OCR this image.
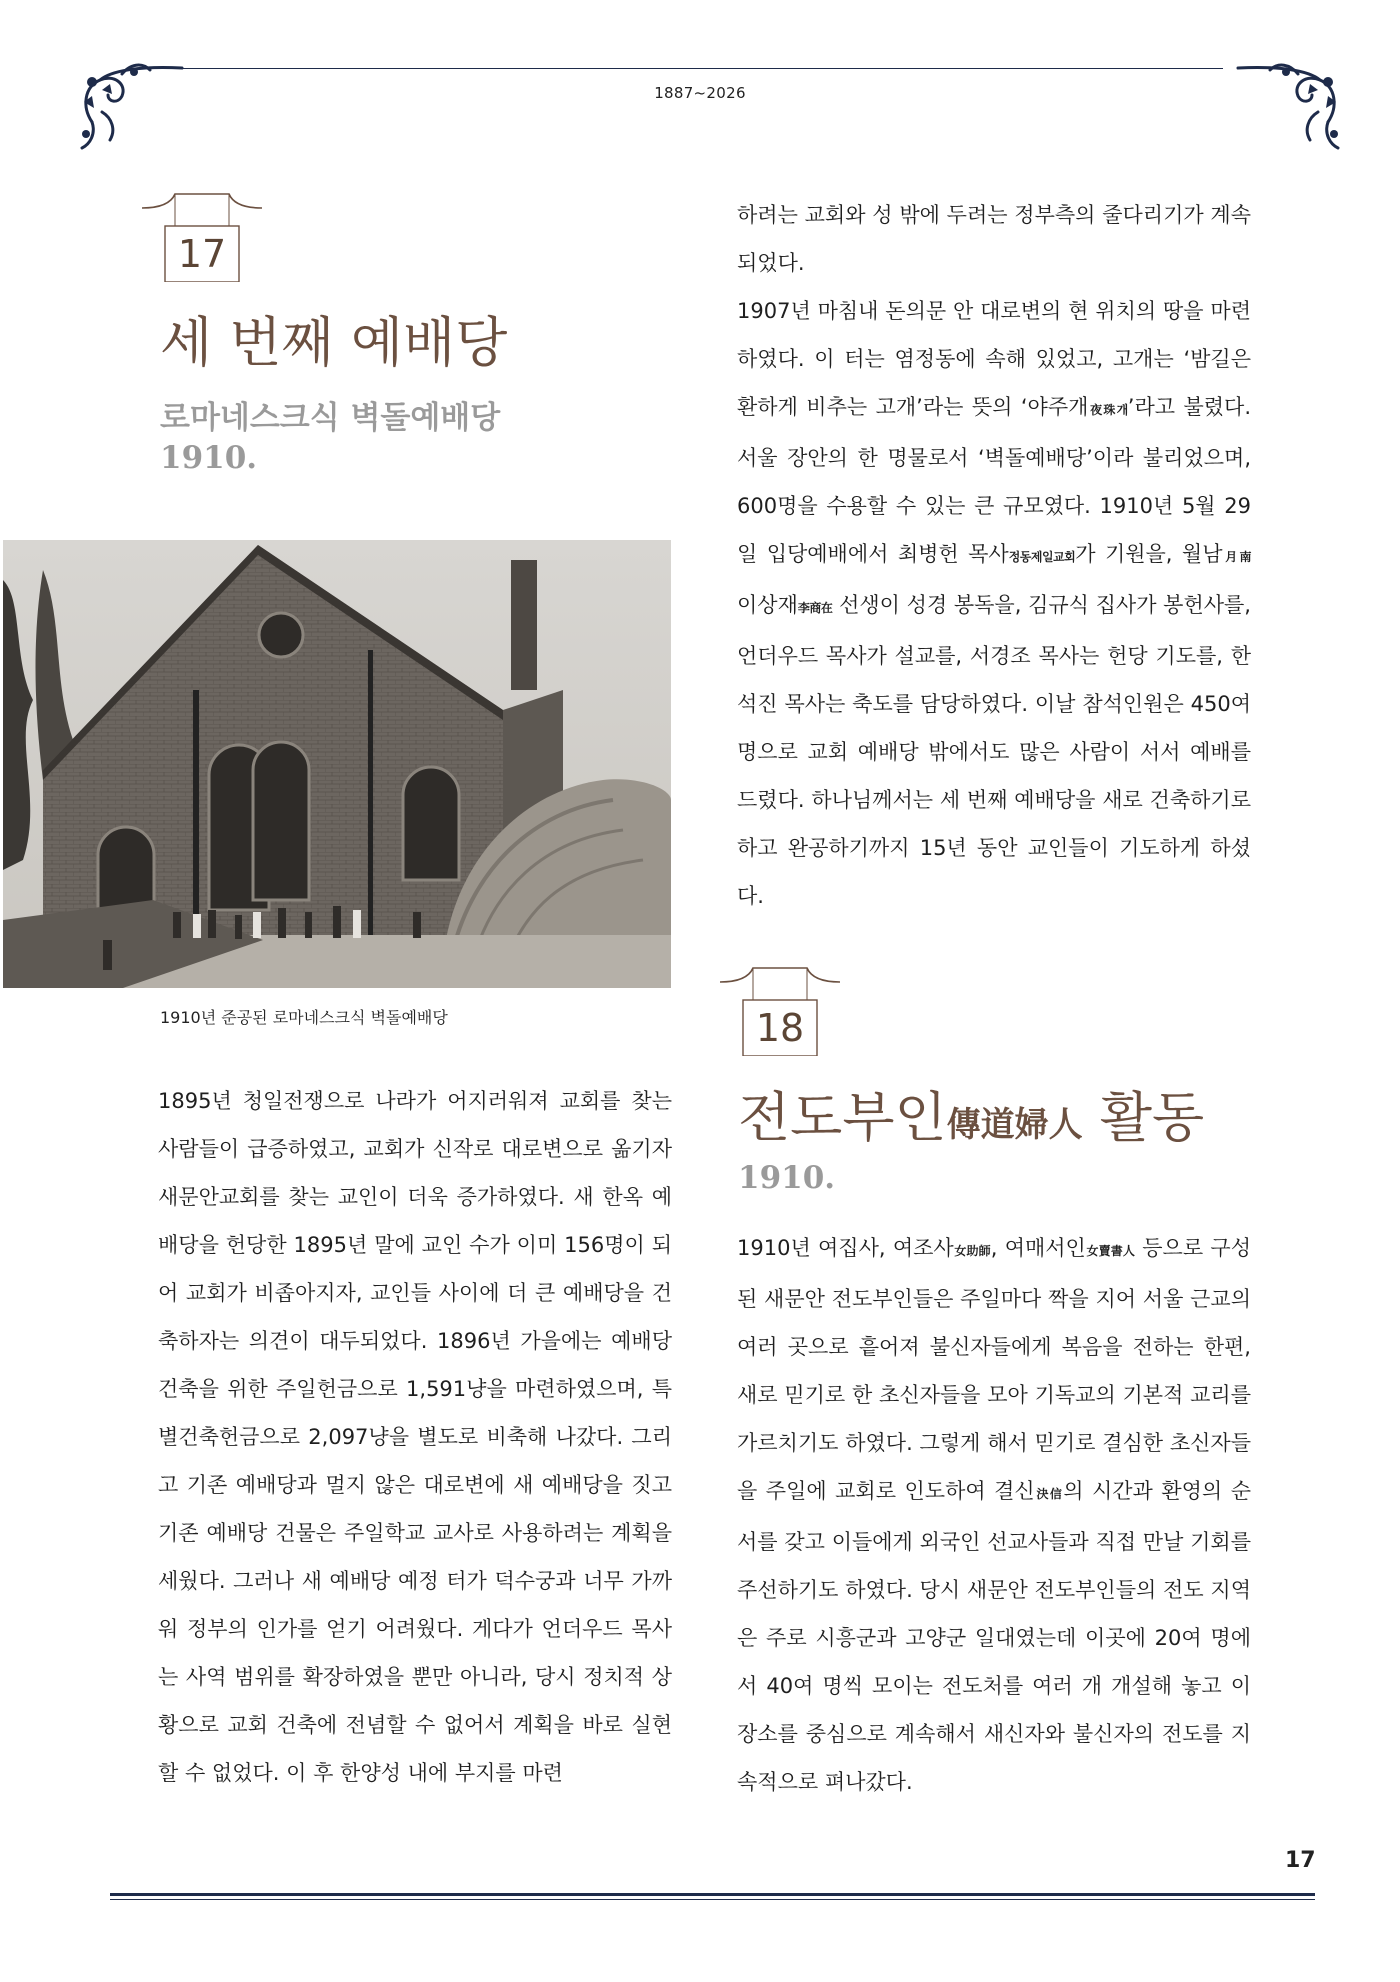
1887~2026
17
세 번째 예배당
로마네스크식 벽돌예배당
1910.
1910년 준공된 로마네스크식 벽돌예배당

1895년 청일전쟁으로 나라가 어지러워져 교회를 찾는 사람들이 급증하였고, 교회가 신작로 대로변으로 옮기자 새문안교회를 찾는 교인이 더욱 증가하였다. 새 한옥 예배당을 헌당한 1895년 말에 교인 수가 이미 156명이 되어 교회가 비좁아지자, 교인들 사이에 더 큰 예배당을 건축하자는 의견이 대두되었다. 1896년 가을에는 예배당 건축을 위한 주일헌금으로 1,591냥을 마련하였으며, 특별건축헌금으로 2,097냥을 별도로 비축해 나갔다. 그리고 기존 예배당과 멀지 않은 대로변에 새 예배당을 짓고 기존 예배당 건물은 주일학교 교사로 사용하려는 계획을 세웠다. 그러나 새 예배당 예정 터가 덕수궁과 너무 가까워 정부의 인가를 얻기 어려웠다. 게다가 언더우드 목사는 사역 범위를 확장하였을 뿐만 아니라, 당시 정치적 상황으로 교회 건축에 전념할 수 없어서 계획을 바로 실현할 수 없었다. 이 후 한양성 내에 부지를 마련

하려는 교회와 성 밖에 두려는 정부측의 줄다리기가 계속되었다.

1907년 마침내 돈의문 안 대로변의 현 위치의 땅을 마련하였다. 이 터는 염정동에 속해 있었고, 고개는 ‘밤길은 환하게 비추는 고개’라는 뜻의 ‘야주개夜珠개’라고 불렸다. 서울 장안의 한 명물로서 ‘벽돌예배당’이라 불리었으며, 600명을 수용할 수 있는 큰 규모였다. 1910년 5월 29일 입당예배에서 최병헌 목사정동제일교회가 기원을, 월남月南 이상재李商在 선생이 성경 봉독을, 김규식 집사가 봉헌사를, 언더우드 목사가 설교를, 서경조 목사는 헌당 기도를, 한석진 목사는 축도를 담당하였다. 이날 참석인원은 450여 명으로 교회 예배당 밖에서도 많은 사람이 서서 예배를 드렸다. 하나님께서는 세 번째 예배당을 새로 건축하기로 하고 완공하기까지 15년 동안 교인들이 기도하게 하셨다.

18
전도부인傳道婦人 활동
1910.

1910년 여집사, 여조사女助師, 여매서인女賣書人 등으로 구성된 새문안 전도부인들은 주일마다 짝을 지어 서울 근교의 여러 곳으로 흩어져 불신자들에게 복음을 전하는 한편, 새로 믿기로 한 초신자들을 모아 기독교의 기본적 교리를 가르치기도 하였다. 그렇게 해서 믿기로 결심한 초신자들을 주일에 교회로 인도하여 결신決信의 시간과 환영의 순서를 갖고 이들에게 외국인 선교사들과 직접 만날 기회를 주선하기도 하였다. 당시 새문안 전도부인들의 전도 지역은 주로 시흥군과 고양군 일대였는데 이곳에 20여 명에서 40여 명씩 모이는 전도처를 여러 개 개설해 놓고 이 장소를 중심으로 계속해서 새신자와 불신자의 전도를 지속적으로 펴나갔다.

17
